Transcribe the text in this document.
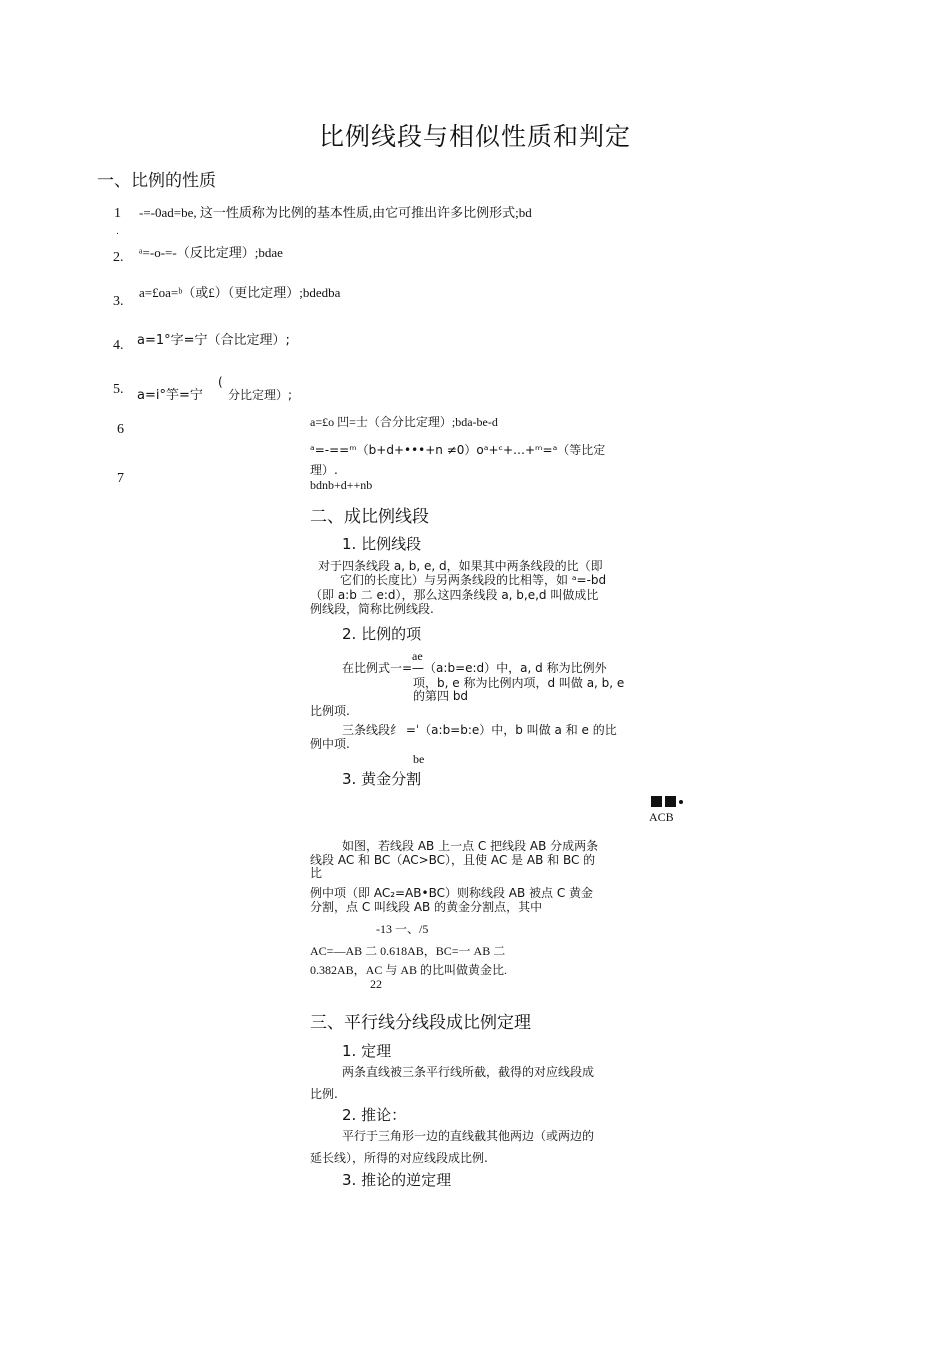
比例线段与相似性质和判定
一、比例的性质
1 -=-0ad=be, 这一性质称为比例的基本性质,由它可推出许多比例形式;bd
.
2. ᵃ=-o-=-（反比定理）;bdae
3.
a=£oa=ᵇ（或£）（更比定理）;bdedba
4. a=1°字=宁（合比定理）;
5. a=i°竽=宁
(
分比定理）;
6	a=£o 凹=士（合分比定理）;bda-be-d
7
ᵃ=-==ᵐ（b+d+•••+n ≠0）oᵃ+ᶜ+…+ᵐ=ᵃ（等比定
理）.
bdnb+d++nb
二、成比例线段
1. 比例线段
对于四条线段 a, b, e, d，如果其中两条线段的比（即
它们的长度比）与另两条线段的比相等，如 ᵃ=-bd
（即 a:b 二 e:d），那么这四条线段 a, b,e,d 叫做成比
例线段，简称比例线段.
2. 比例的项
ae
在比例式一=—（a:b=e:d）中，a, d 称为比例外
项，b, e 称为比例内项，d 叫做 a, b, e
的第四 bd
比例项.
三条线段纟 =ˈ（a:b=b:e）中，b 叫做 a 和 e 的比
例中项.
be
3. 黄金分割
ACB
如图，若线段 AB 上一点 C 把线段 AB 分成两条
线段 AC 和 BC（AC>BC），且使 AC 是 AB 和 BC 的
比
例中项（即 AC₂=AB•BC）则称线段 AB 被点 C 黄金
分割，点 C 叫线段 AB 的黄金分割点，其中
-13 一、/5
AC=—AB 二 0.618AB，BC=一 AB 二
0.382AB，AC 与 AB 的比叫做黄金比.
22
三、平行线分线段成比例定理
1. 定理
两条直线被三条平行线所截，截得的对应线段成
比例.
2. 推论：
平行于三角形一边的直线截其他两边（或两边的
延长线），所得的对应线段成比例.
3. 推论的逆定理
